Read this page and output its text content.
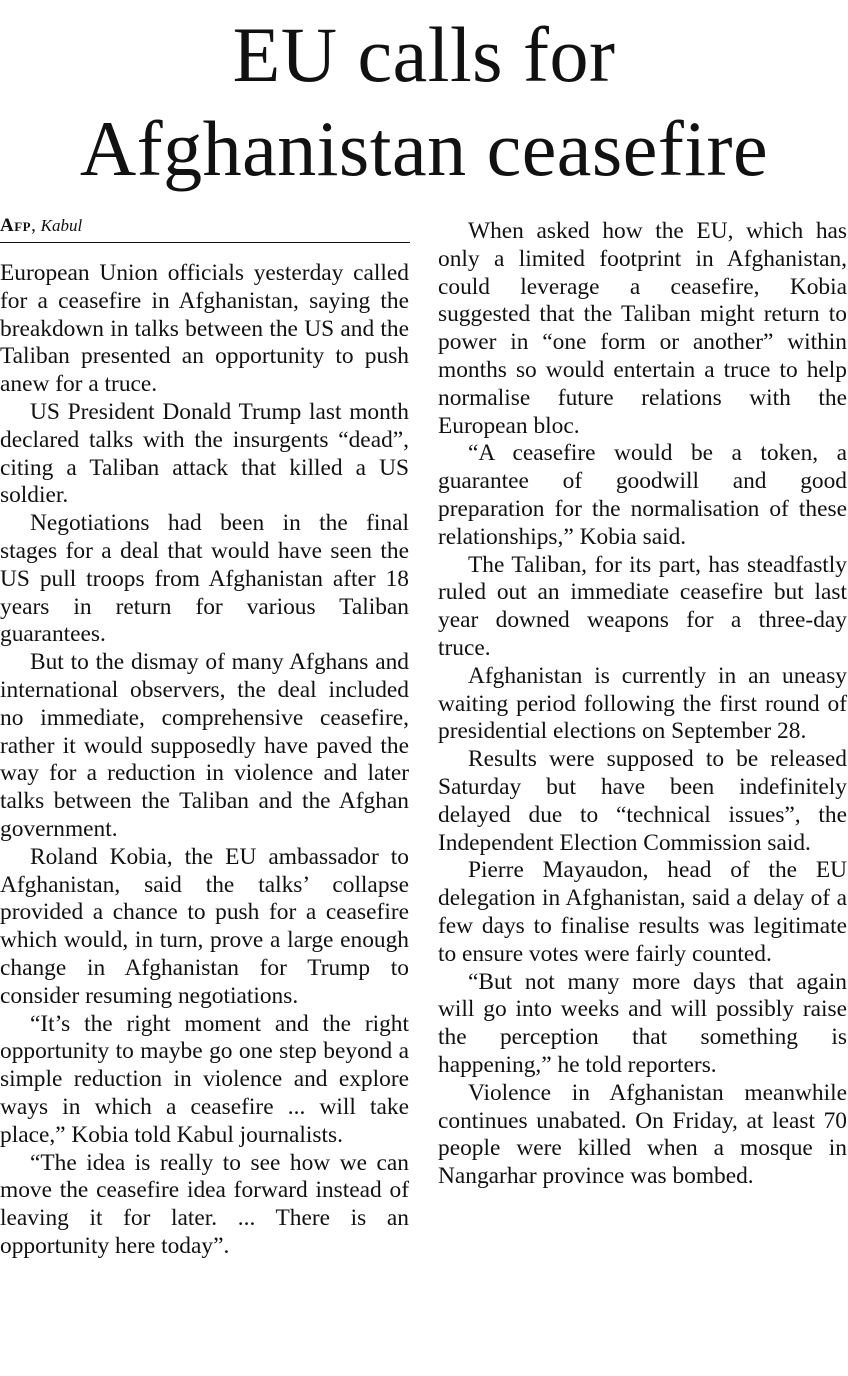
EU calls for
Afghanistan ceasefire
Afp, Kabul

European Union officials yesterday called for a ceasefire in Afghanistan, saying the breakdown in talks between the US and the Taliban presented an opportunity to push anew for a truce.

US President Donald Trump last month declared talks with the insurgents “dead”, citing a Taliban attack that killed a US soldier.

Negotiations had been in the final stages for a deal that would have seen the US pull troops from Afghanistan after 18 years in return for various Taliban guarantees.

But to the dismay of many Afghans and international observers, the deal included no immediate, comprehensive ceasefire, rather it would supposedly have paved the way for a reduction in violence and later talks between the Taliban and the Afghan government.

Roland Kobia, the EU ambassador to Afghanistan, said the talks’ collapse provided a chance to push for a ceasefire which would, in turn, prove a large enough change in Afghanistan for Trump to consider resuming negotiations.

“It’s the right moment and the right opportunity to maybe go one step beyond a simple reduction in violence and explore ways in which a ceasefire ... will take place,” Kobia told Kabul journalists.

“The idea is really to see how we can move the ceasefire idea forward instead of leaving it for later. ... There is an opportunity here today”.

When asked how the EU, which has only a limited footprint in Afghanistan, could leverage a ceasefire, Kobia suggested that the Taliban might return to power in “one form or another” within months so would entertain a truce to help normalise future relations with the European bloc.

“A ceasefire would be a token, a guarantee of goodwill and good preparation for the normalisation of these relationships,” Kobia said.

The Taliban, for its part, has steadfastly ruled out an immediate ceasefire but last year downed weapons for a three-day truce.

Afghanistan is currently in an uneasy waiting period following the first round of presidential elections on September 28.

Results were supposed to be released Saturday but have been indefinitely delayed due to “technical issues”, the Independent Election Commission said.

Pierre Mayaudon, head of the EU delegation in Afghanistan, said a delay of a few days to finalise results was legitimate to ensure votes were fairly counted.

“But not many more days that again will go into weeks and will possibly raise the perception that something is happening,” he told reporters.

Violence in Afghanistan meanwhile continues unabated. On Friday, at least 70 people were killed when a mosque in Nangarhar province was bombed.
